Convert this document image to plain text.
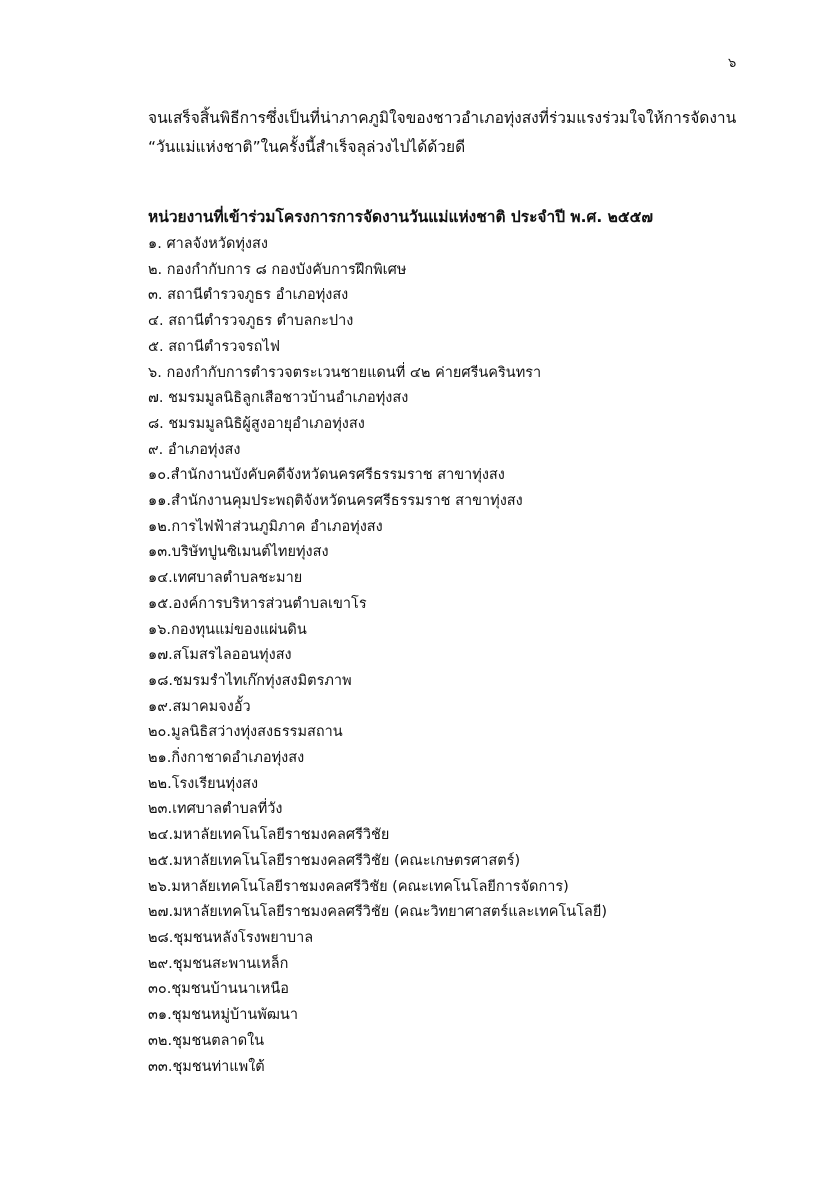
๖

จนเสร็จสิ้นพิธีการซึ่งเป็นที่น่าภาคภูมิใจของชาวอำเภอทุ่งสงที่ร่วมแรงร่วมใจให้การจัดงาน

“วันแม่แห่งชาติ”ในครั้งนี้สำเร็จลุล่วงไปได้ด้วยดี

หน่วยงานที่เข้าร่วมโครงการการจัดงานวันแม่แห่งชาติ ประจำปี พ.ศ. ๒๕๕๗
๑. ศาลจังหวัดทุ่งสง
๒. กองกำกับการ ๘ กองบังคับการฝึกพิเศษ
๓. สถานีตำรวจภูธร อำเภอทุ่งสง
๔. สถานีตำรวจภูธร ตำบลกะปาง
๕. สถานีตำรวจรถไฟ
๖. กองกำกับการตำรวจตระเวนชายแดนที่ ๔๒ ค่ายศรีนครินทรา
๗. ชมรมมูลนิธิลูกเสือชาวบ้านอำเภอทุ่งสง
๘. ชมรมมูลนิธิผู้สูงอายุอำเภอทุ่งสง
๙. อำเภอทุ่งสง
๑๐.สำนักงานบังคับคดีจังหวัดนครศรีธรรมราช สาขาทุ่งสง
๑๑.สำนักงานคุมประพฤติจังหวัดนครศรีธรรมราช สาขาทุ่งสง
๑๒.การไฟฟ้าส่วนภูมิภาค อำเภอทุ่งสง
๑๓.บริษัทปูนซิเมนต์ไทยทุ่งสง
๑๔.เทศบาลตำบลชะมาย
๑๕.องค์การบริหารส่วนตำบลเขาโร
๑๖.กองทุนแม่ของแผ่นดิน
๑๗.สโมสรไลออนทุ่งสง
๑๘.ชมรมรำไทเก๊กทุ่งสงมิตรภาพ
๑๙.สมาคมจงอั้ว
๒๐.มูลนิธิสว่างทุ่งสงธรรมสถาน
๒๑.กิ่งกาชาดอำเภอทุ่งสง
๒๒.โรงเรียนทุ่งสง
๒๓.เทศบาลตำบลที่วัง
๒๔.มหาลัยเทคโนโลยีราชมงคลศรีวิชัย
๒๕.มหาลัยเทคโนโลยีราชมงคลศรีวิชัย (คณะเกษตรศาสตร์)
๒๖.มหาลัยเทคโนโลยีราชมงคลศรีวิชัย (คณะเทคโนโลยีการจัดการ)
๒๗.มหาลัยเทคโนโลยีราชมงคลศรีวิชัย (คณะวิทยาศาสตร์และเทคโนโลยี)
๒๘.ชุมชนหลังโรงพยาบาล
๒๙.ชุมชนสะพานเหล็ก
๓๐.ชุมชนบ้านนาเหนือ
๓๑.ชุมชนหมู่บ้านพัฒนา
๓๒.ชุมชนตลาดใน
๓๓.ชุมชนท่าแพใต้
